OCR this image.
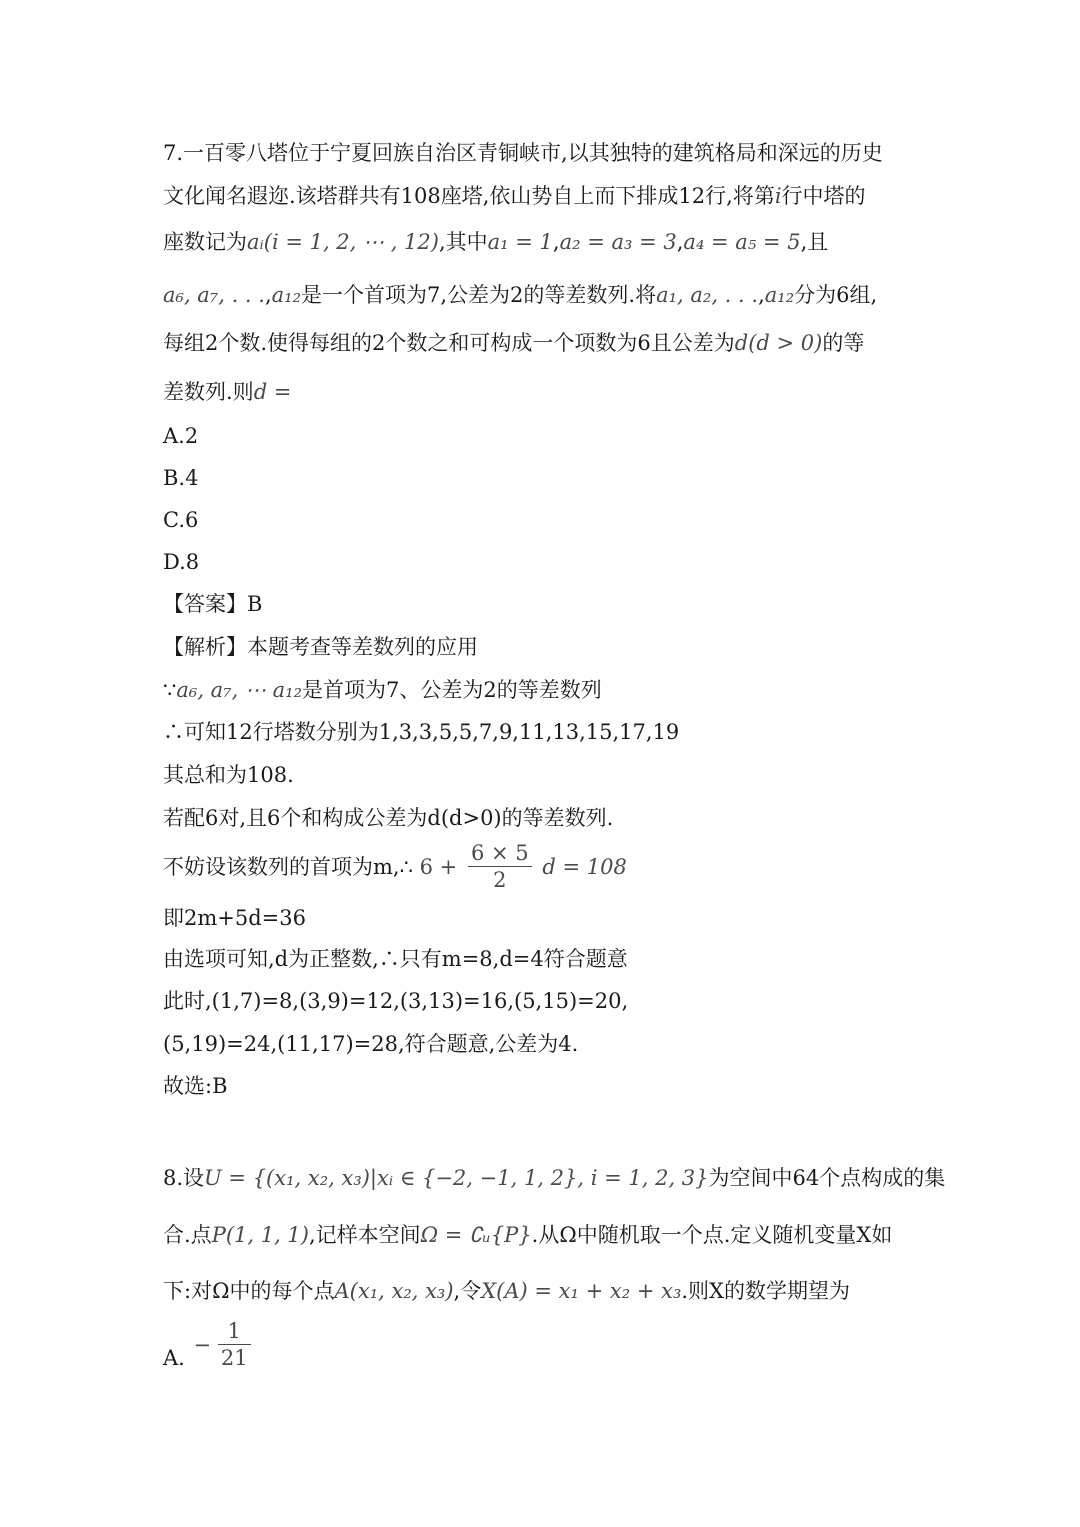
7.一百零八塔位于宁夏回族自治区青铜峡市,以其独特的建筑格局和深远的历史
文化闻名遐迩.该塔群共有108座塔,依山势自上而下排成12行,将第i行中塔的
座数记为aᵢ(i = 1, 2, ⋯ , 12),其中a₁ = 1,a₂ = a₃ = 3,a₄ = a₅ = 5,且
a₆, a₇, . . .,a₁₂是一个首项为7,公差为2的等差数列.将a₁, a₂, . . .,a₁₂分为6组,
每组2个数.使得每组的2个数之和可构成一个项数为6且公差为d(d > 0)的等
差数列.则d =
A.2
B.4
C.6
D.8
【答案】B
【解析】本题考查等差数列的应用
∵a₆, a₇, ⋯ a₁₂是首项为7、公差为2的等差数列
∴可知12行塔数分别为1,3,3,5,5,7,9,11,13,15,17,19
其总和为108.
若配6对,且6个和构成公差为d(d>0)的等差数列.
不妨设该数列的首项为m,∴ $6 + \frac{6 \times 5}{2}$ d = 108
即2m+5d=36
由选项可知,d为正整数,∴只有m=8,d=4符合题意
此时,(1,7)=8,(3,9)=12,(3,13)=16,(5,15)=20,
(5,19)=24,(11,17)=28,符合题意,公差为4.
故选:B
8.设U = {(x₁, x₂, x₃)|xᵢ ∈ {−2, −1, 1, 2}, i = 1, 2, 3}为空间中64个点构成的集
合.点P(1, 1, 1),记样本空间Ω = ∁ᵤ{P}.从Ω中随机取一个点.定义随机变量X如
下:对Ω中的每个点A(x₁, x₂, x₃),令X(A) = x₁ + x₂ + x₃.则X的数学期望为
A. − $\frac{1}{21}$
